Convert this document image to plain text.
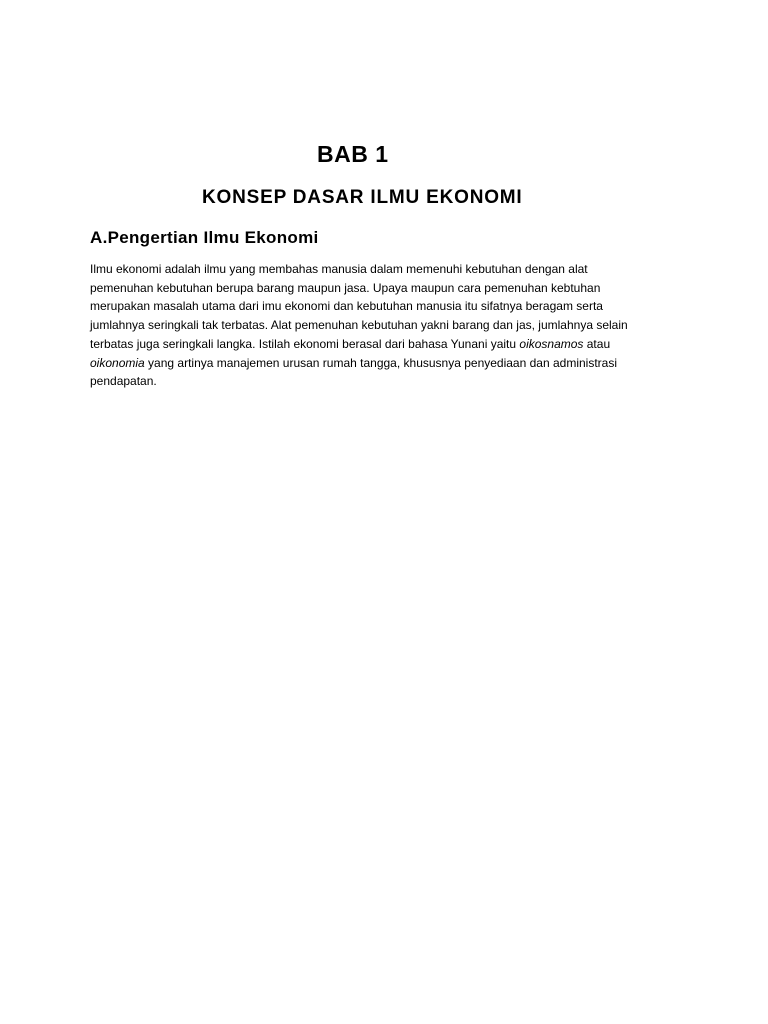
BAB 1
KONSEP DASAR ILMU EKONOMI
A.Pengertian Ilmu Ekonomi

Ilmu ekonomi adalah ilmu yang membahas manusia dalam memenuhi kebutuhan dengan alat
pemenuhan kebutuhan berupa barang maupun jasa. Upaya maupun cara pemenuhan kebtuhan
merupakan masalah utama dari imu ekonomi dan kebutuhan manusia itu sifatnya beragam serta
jumlahnya seringkali tak terbatas. Alat pemenuhan kebutuhan yakni barang dan jas, jumlahnya selain
terbatas juga seringkali langka. Istilah ekonomi berasal dari bahasa Yunani yaitu oikosnamos atau
oikonomia yang artinya manajemen urusan rumah tangga, khususnya penyediaan dan administrasi
pendapatan.
